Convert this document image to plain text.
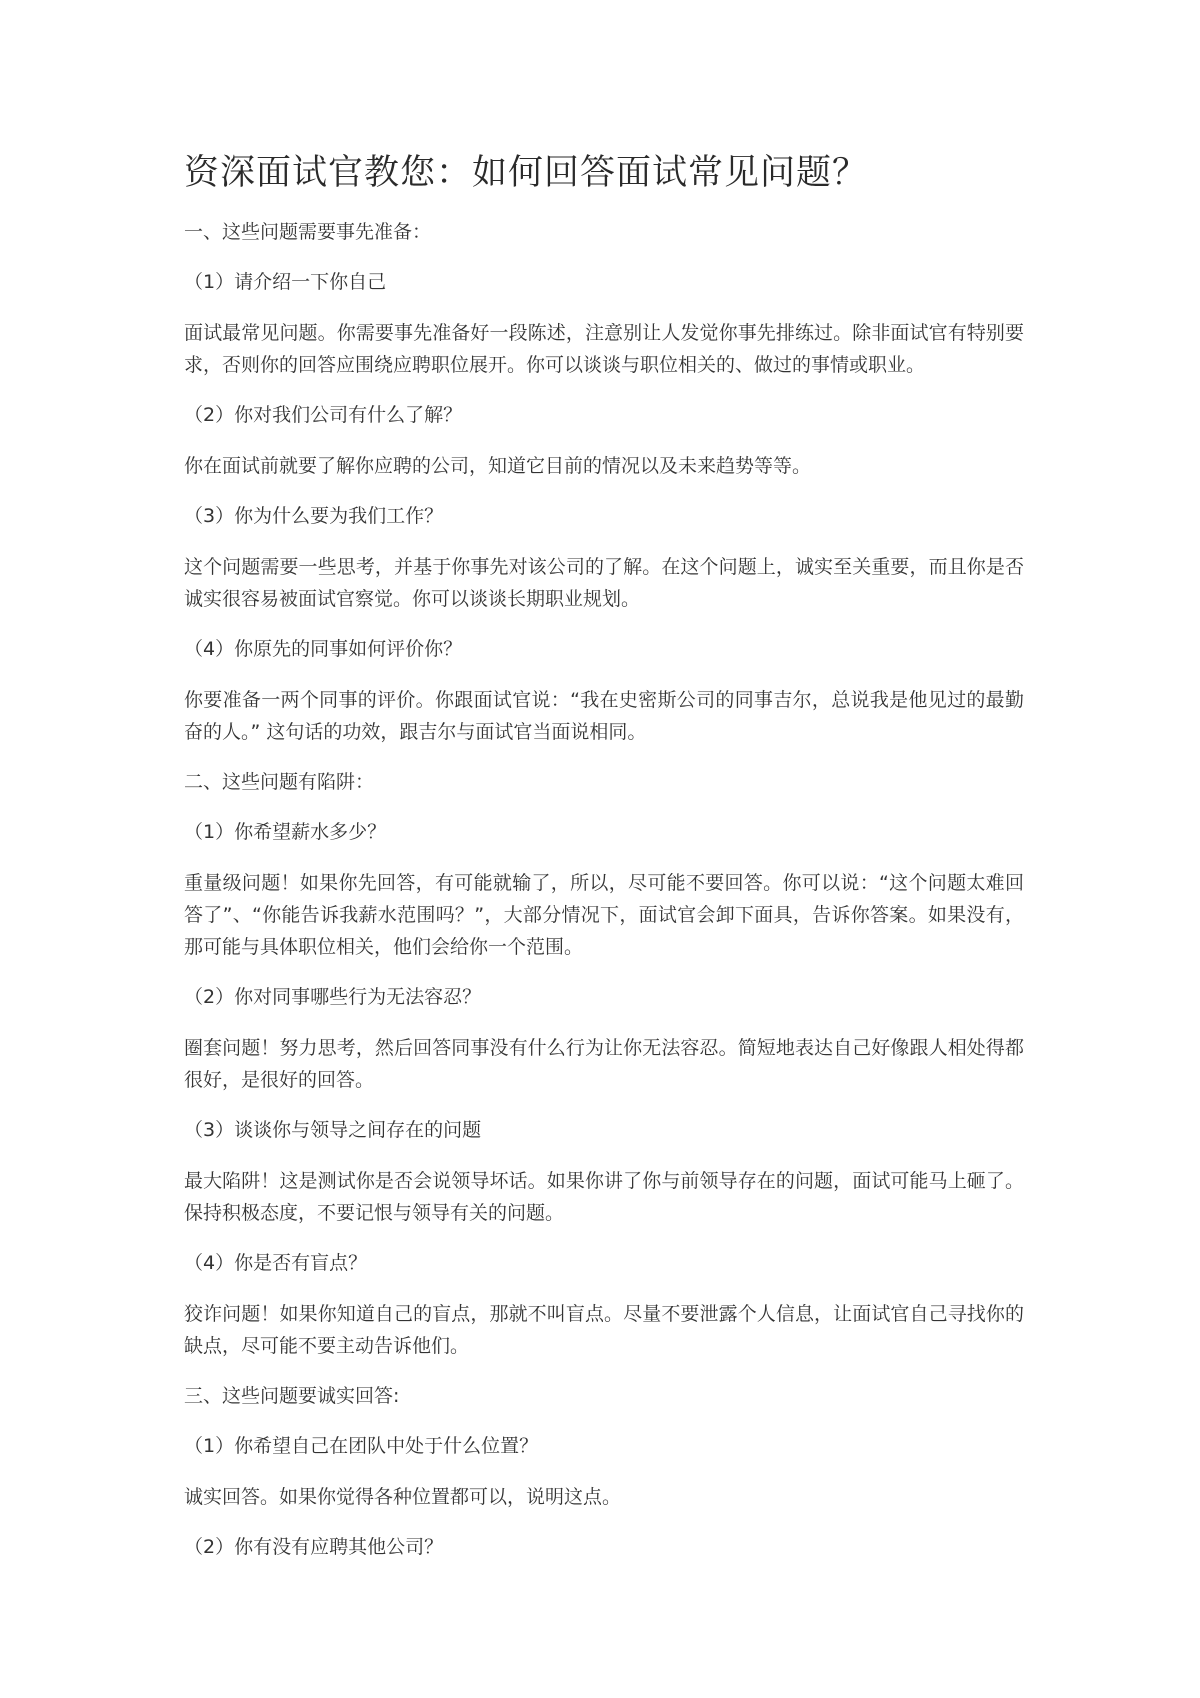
资深面试官教您：如何回答面试常见问题？

一、这些问题需要事先准备：

（1）请介绍一下你自己

面试最常见问题。你需要事先准备好一段陈述，注意别让人发觉你事先排练过。除非面试官有特别要求，否则你的回答应围绕应聘职位展开。你可以谈谈与职位相关的、做过的事情或职业。

（2）你对我们公司有什么了解？

你在面试前就要了解你应聘的公司，知道它目前的情况以及未来趋势等等。

（3）你为什么要为我们工作？

这个问题需要一些思考，并基于你事先对该公司的了解。在这个问题上，诚实至关重要，而且你是否诚实很容易被面试官察觉。你可以谈谈长期职业规划。

（4）你原先的同事如何评价你？

你要准备一两个同事的评价。你跟面试官说：“我在史密斯公司的同事吉尔，总说我是他见过的最勤奋的人。” 这句话的功效，跟吉尔与面试官当面说相同。

二、这些问题有陷阱：

（1）你希望薪水多少？

重量级问题！如果你先回答，有可能就输了，所以，尽可能不要回答。你可以说：“这个问题太难回答了”、“你能告诉我薪水范围吗？”，大部分情况下，面试官会卸下面具，告诉你答案。如果没有，那可能与具体职位相关，他们会给你一个范围。

（2）你对同事哪些行为无法容忍？

圈套问题！努力思考，然后回答同事没有什么行为让你无法容忍。简短地表达自己好像跟人相处得都很好，是很好的回答。

（3）谈谈你与领导之间存在的问题

最大陷阱！这是测试你是否会说领导坏话。如果你讲了你与前领导存在的问题，面试可能马上砸了。保持积极态度，不要记恨与领导有关的问题。

（4）你是否有盲点？

狡诈问题！如果你知道自己的盲点，那就不叫盲点。尽量不要泄露个人信息，让面试官自己寻找你的缺点，尽可能不要主动告诉他们。

三、这些问题要诚实回答:

（1）你希望自己在团队中处于什么位置？

诚实回答。如果你觉得各种位置都可以，说明这点。

（2）你有没有应聘其他公司？
